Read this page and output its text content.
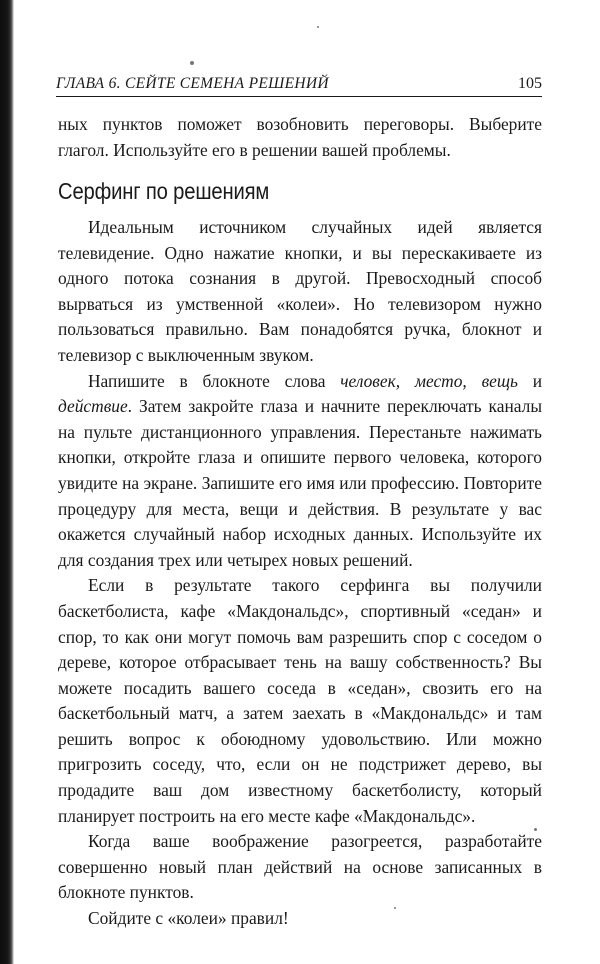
ГЛАВА 6. СЕЙТЕ СЕМЕНА РЕШЕНИЙ	105

ных пунктов поможет возобновить переговоры. Выберите глагол. Используйте его в решении вашей проблемы.

Серфинг по решениям

Идеальным источником случайных идей является телевидение. Одно нажатие кнопки, и вы перескакиваете из одного потока сознания в другой. Превосходный способ вырваться из умственной «колеи». Но телевизором нужно пользоваться правильно. Вам понадобятся ручка, блокнот и телевизор с выключенным звуком.

Напишите в блокноте слова человек, место, вещь и действие. Затем закройте глаза и начните переключать каналы на пульте дистанционного управления. Перестаньте нажимать кнопки, откройте глаза и опишите первого человека, которого увидите на экране. Запишите его имя или профессию. Повторите процедуру для места, вещи и действия. В результате у вас окажется случайный набор исходных данных. Используйте их для создания трех или четырех новых решений.

Если в результате такого серфинга вы получили баскетболиста, кафе «Макдональдс», спортивный «седан» и спор, то как они могут помочь вам разрешить спор с соседом о дереве, которое отбрасывает тень на вашу собственность? Вы можете посадить вашего соседа в «седан», свозить его на баскетбольный матч, а затем заехать в «Макдональдс» и там решить вопрос к обоюдному удовольствию. Или можно пригрозить соседу, что, если он не подстрижет дерево, вы продадите ваш дом известному баскетболисту, который планирует построить на его месте кафе «Макдональдс».

Когда ваше воображение разогреется, разработайте совершенно новый план действий на основе записанных в блокноте пунктов.

Сойдите с «колеи» правил!
